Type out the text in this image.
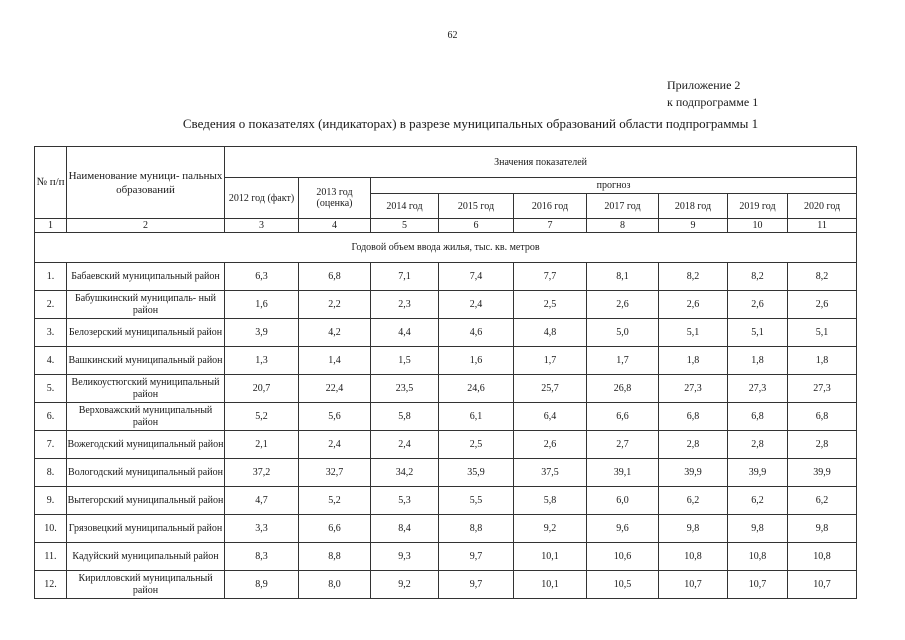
62
Приложение 2
к подпрограмме 1
Сведения о показателях (индикаторах) в разрезе муниципальных образований области подпрограммы 1
№ п/п	Наименование муници- пальных образований	Значения показателей								
		2012 год (факт)	2013 год (оценка)	прогноз						
				2014 год	2015 год	2016 год	2017 год	2018 год	2019 год	2020 год
1	2	3	4	5	6	7	8	9	10	11
Годовой объем ввода жилья, тыс. кв. метров										
1.	Бабаевский муниципальный район	6,3	6,8	7,1	7,4	7,7	8,1	8,2	8,2	8,2
2.	Бабушкинский муниципаль- ный район	1,6	2,2	2,3	2,4	2,5	2,6	2,6	2,6	2,6
3.	Белозерский муниципальный район	3,9	4,2	4,4	4,6	4,8	5,0	5,1	5,1	5,1
4.	Вашкинский муниципальный район	1,3	1,4	1,5	1,6	1,7	1,7	1,8	1,8	1,8
5.	Великоустюгский муниципальный район	20,7	22,4	23,5	24,6	25,7	26,8	27,3	27,3	27,3
6.	Верховажский муниципальный район	5,2	5,6	5,8	6,1	6,4	6,6	6,8	6,8	6,8
7.	Вожегодский муниципальный район	2,1	2,4	2,4	2,5	2,6	2,7	2,8	2,8	2,8
8.	Вологодский муниципальный район	37,2	32,7	34,2	35,9	37,5	39,1	39,9	39,9	39,9
9.	Вытегорский муниципальный район	4,7	5,2	5,3	5,5	5,8	6,0	6,2	6,2	6,2
10.	Грязовецкий муниципальный район	3,3	6,6	8,4	8,8	9,2	9,6	9,8	9,8	9,8
11.	Кадуйский муниципальный район	8,3	8,8	9,3	9,7	10,1	10,6	10,8	10,8	10,8
12.	Кирилловский муниципальный район	8,9	8,0	9,2	9,7	10,1	10,5	10,7	10,7	10,7
